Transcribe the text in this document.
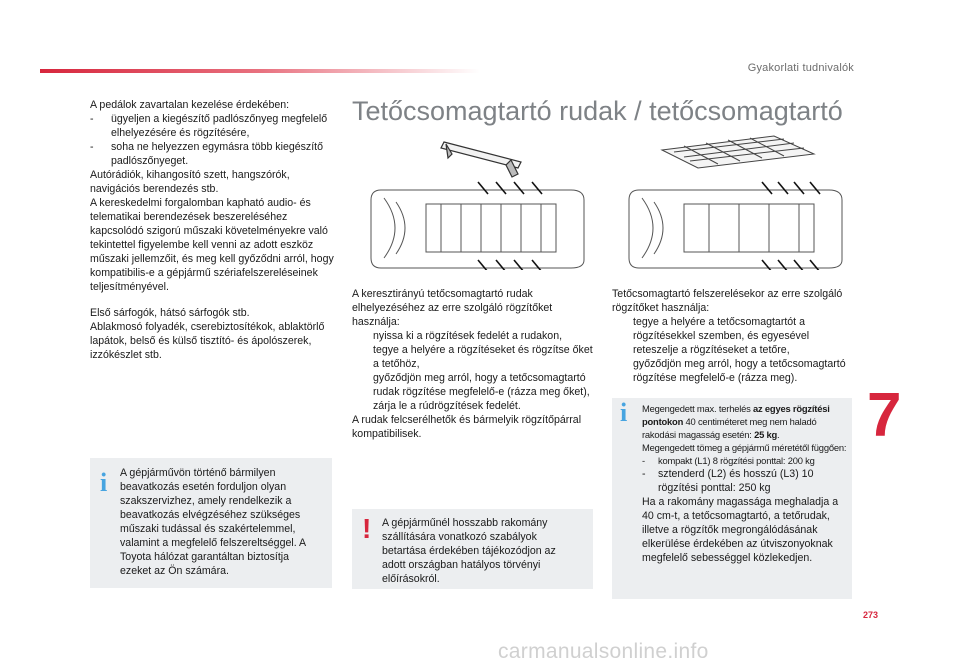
Gyakorlati tudnivalók

A pedálok zavartalan kezelése érdekében:

- ügyeljen a kiegészítő padlószőnyeg megfelelő elhelyezésére és rögzítésére,
- soha ne helyezzen egymásra több kiegészítő padlószőnyeget.

Autórádiók, kihangosító szett, hangszórók, navigációs berendezés stb.

A kereskedelmi forgalomban kapható audio- és telematikai berendezések beszereléséhez kapcsolódó szigorú műszaki követelményekre való tekintettel figyelembe kell venni az adott eszköz műszaki jellemzőit, és meg kell győződni arról, hogy kompatibilis-e a gépjármű szériafelszereléseinek teljesítményével.

Első sárfogók, hátsó sárfogók stb.

Ablakmosó folyadék, cserebiztosítékok, ablaktörlő lapátok, belső és külső tisztító- és ápolószerek, izzókészlet stb.

i A gépjárművön történő bármilyen beavatkozás esetén forduljon olyan szakszervizhez, amely rendelkezik a beavatkozás elvégzéséhez szükséges műszaki tudással és szakértelemmel, valamint a megfelelő felszereltséggel. A Toyota hálózat garantáltan biztosítja ezeket az Ön számára.
Tetőcsomagtartó rudak / tetőcsomagtartó

A keresztirányú tetőcsomagtartó rudak elhelyezéséhez az erre szolgáló rögzítőket használja:

nyissa ki a rögzítések fedelét a rudakon,
tegye a helyére a rögzítéseket és rögzítse őket a tetőhöz,
győződjön meg arról, hogy a tetőcsomagtartó rudak rögzítése megfelelő-e (rázza meg őket),
zárja le a rúdrögzítések fedelét.

A rudak felcserélhetők és bármelyik rögzítőpárral kompatibilisek.

! A gépjárműnél hosszabb rakomány szállítására vonatkozó szabályok betartása érdekében tájékozódjon az adott országban hatályos törvényi előírásokról.

Tetőcsomagtartó felszerelésekor az erre szolgáló rögzítőket használja:

tegye a helyére a tetőcsomagtartót a rögzítésekkel szemben, és egyesével reteszelje a rögzítéseket a tetőre,
győződjön meg arról, hogy a tetőcsomagtartó rögzítése megfelelő-e (rázza meg).
i Megengedett max. terhelés az egyes rögzítési pontokon 40 centiméteret meg nem haladó rakodási magasság esetén: 25 kg.
Megengedett tömeg a gépjármű méretétől függően:
- kompakt (L1) 8 rögzítési ponttal: 200 kg
- sztenderd (L2) és hosszú (L3) 10 rögzítési ponttal: 250 kg
Ha a rakomány magassága meghaladja a 40 cm-t, a tetőcsomagtartó, a tetőrudak, illetve a rögzítők megrongálódásának elkerülése érdekében az útviszonyoknak megfelelő sebességgel közlekedjen.
7
273
carmanualsonline.info
